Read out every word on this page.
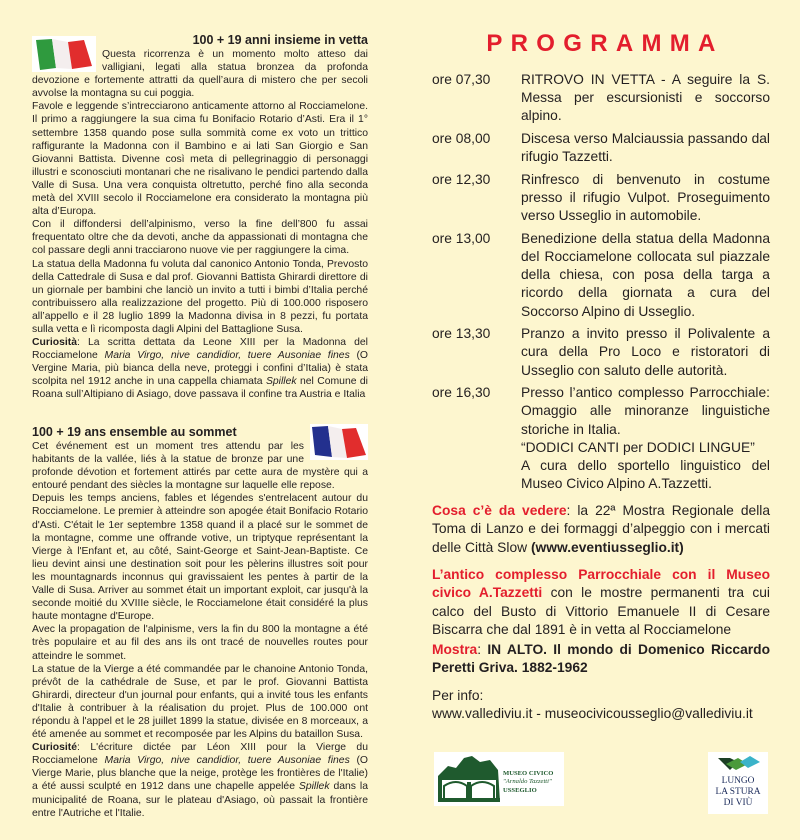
100 + 19 anni insieme in vetta

Questa ricorrenza è un momento molto atteso dai valligiani, legati alla statua bronzea da profonda devozione e fortemente attratti da quell’aura di mistero che per secoli avvolse la montagna su cui poggia.

Favole e leggende s’intrecciarono anticamente attorno al Rocciamelone. Il primo a raggiungere la sua cima fu Bonifacio Rotario d’Asti. Era il 1° settembre 1358 quando pose sulla sommità come ex voto un trittico raffigurante la Madonna con il Bambino e ai lati San Giorgio e San Giovanni Battista. Divenne così meta di pellegrinaggio di personaggi illustri e sconosciuti montanari che ne risalivano le pendici partendo dalla Valle di Susa. Una vera conquista oltretutto, perché fino alla seconda metà del XVIII secolo il Rocciamelone era considerato la montagna più alta d’Europa.

Con il diffondersi dell’alpinismo, verso la fine dell’800 fu assai frequentato oltre che da devoti, anche da appassionati di montagna che col passare degli anni tracciarono nuove vie per raggiungere la cima.

La statua della Madonna fu voluta dal canonico Antonio Tonda, Prevosto della Cattedrale di Susa e dal prof. Giovanni Battista Ghirardi direttore di un giornale per bambini che lanciò un invito a tutti i bimbi d’Italia perché contribuissero alla realizzazione del progetto. Più di 100.000 risposero all’appello e il 28 luglio 1899 la Madonna divisa in 8 pezzi, fu portata sulla vetta e lì ricomposta dagli Alpini del Battaglione Susa.

Curiosità: La scritta dettata da Leone XIII per la Madonna del Rocciamelone Maria Virgo, nive candidior, tuere Ausoniae fines (O Vergine Maria, più bianca della neve, proteggi i confini d’Italia) è stata scolpita nel 1912 anche in una cappella chiamata Spillek nel Comune di Roana sull’Altipiano di Asiago, dove passava il confine tra Austria e Italia

100 + 19 ans ensemble au sommet

Cet événement est un moment tres attendu par les habitants de la vallée, liés à la statue de bronze par une profonde dévotion et fortement attirés par cette aura de mystère qui a entouré pendant des siècles la montagne sur laquelle elle repose.

Depuis les temps anciens, fables et légendes s'entrelacent autour du Rocciamelone. Le premier à atteindre son apogée était Bonifacio Rotario d'Asti. C'était le 1er septembre 1358 quand il a placé sur le sommet de la montagne, comme une offrande votive, un triptyque représentant la Vierge à l'Enfant et, au côté, Saint-George et Saint-Jean-Baptiste. Ce lieu devint ainsi une destination soit pour les pèlerins illustres soit pour les mountagnards inconnus qui gravissaient les pentes à partir de la Valle di Susa. Arriver au sommet était un important exploit, car jusqu'à la seconde moitié du XVIIIe siècle, le Rocciamelone était considéré la plus haute montagne d'Europe.

Avec la propagation de l'alpinisme, vers la fin du 800 la montagne a été très populaire et au fil des ans ils ont tracé de nouvelles routes pour atteindre le sommet.

La statue de la Vierge a été commandée par le chanoine Antonio Tonda, prévôt de la cathédrale de Suse, et par le prof. Giovanni Battista Ghirardi, directeur d'un journal pour enfants, qui a invité tous les enfants d'Italie à contribuer à la réalisation du projet. Plus de 100.000 ont répondu à l'appel et le 28 juillet 1899 la statue, divisée en 8 morceaux, a été amenée au sommet et recomposée par les Alpins du bataillon Susa.

Curiosité: L'écriture dictée par Léon XIII pour la Vierge du Rocciamelone Maria Virgo, nive candidior, tuere Ausoniae fines (O Vierge Marie, plus blanche que la neige, protège les frontières de l'Italie) a été aussi sculpté en 1912 dans une chapelle appelée Spillek dans la municipalité de Roana, sur le plateau d'Asiago, où passait la frontière entre l'Autriche et l'Italie.

PROGRAMMA
ore 07,30	RITROVO IN VETTA - A seguire la S. Messa per escursionisti e soccorso alpino.
ore 08,00	Discesa verso Malciaussia passando dal rifugio Tazzetti.
ore 12,30	Rinfresco di benvenuto in costume presso il rifugio Vulpot. Proseguimento verso Usseglio in automobile.
ore 13,00	Benedizione della statua della Madonna del Rocciamelone collocata sul piazzale della chiesa, con posa della targa a ricordo della giornata a cura del Soccorso Alpino di Usseglio.
ore 13,30	Pranzo a invito presso il Polivalente a cura della Pro Loco e ristoratori di Usseglio con saluto delle autorità.
ore 16,30	Presso l’antico complesso Parrocchiale: Omaggio alle minoranze linguistiche storiche in Italia.
“DODICI CANTI per DODICI LINGUE”
A cura dello sportello linguistico del Museo Civico Alpino A.Tazzetti.

Cosa c’è da vedere: la 22ª Mostra Regionale della Toma di Lanzo e dei formaggi d’alpeggio con i mercati delle Città Slow (www.eventiusseglio.it)

L’antico complesso Parrocchiale con il Museo civico A.Tazzetti con le mostre permanenti tra cui calco del Busto di Vittorio Emanuele II di Cesare Biscarra che dal 1891 è in vetta al Rocciamelone

Mostra: IN ALTO. Il mondo di Domenico Riccardo Peretti Griva. 1882-1962

Per info:
www.vallediviu.it - museocivicousseglio@vallediviu.it
MUSEO CIVICO
"Arnaldo Tazzetti"
USSEGLIO
LUNGO
LA STURA
DI VIÙ
